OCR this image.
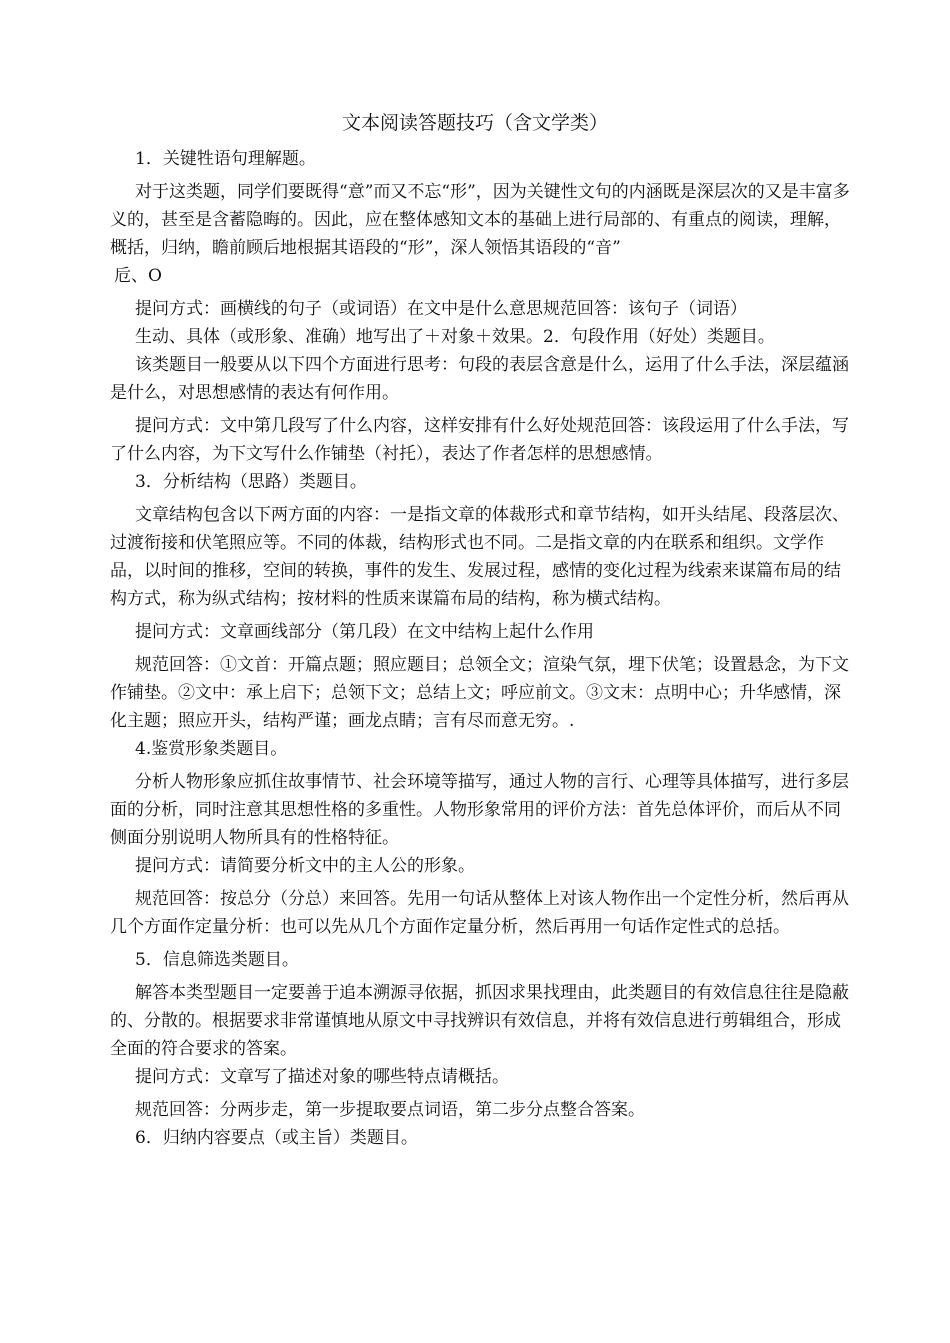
文本阅读答题技巧（含文学类）
1．关键牲语句理解题。
对于这类题，同学们要既得“意”而又不忘“形”，因为关键性文句的内涵既是深层次的又是丰富多义的，甚至是含蓄隐晦的。因此，应在整体感知文本的基础上进行局部的、有重点的阅读，理解，概括，归纳，瞻前顾后地根据其语段的“形”，深人领悟其语段的“音”
卮、O
提问方式：画横线的句子（或词语）在文中是什么意思规范回答：该句子（词语）
生动、具体（或形象、准确）地写出了＋对象＋效果。2．句段作用（好处）类题目。
该类题目一般要从以下四个方面进行思考：句段的表层含意是什么，运用了什么手法，深层蕴涵是什么，对思想感情的表达有何作用。
提问方式：文中第几段写了什么内容，这样安排有什么好处规范回答：该段运用了什么手法，写了什么内容，为下文写什么作铺垫（衬托），表达了作者怎样的思想感情。
3．分析结构（思路）类题目。
文章结构包含以下两方面的内容：一是指文章的体裁形式和章节结构，如开头结尾、段落层次、过渡衔接和伏笔照应等。不同的体裁，结构形式也不同。二是指文章的内在联系和组织。文学作品，以时间的推移，空间的转换，事件的发生、发展过程，感情的变化过程为线索来谋篇布局的结构方式，称为纵式结构；按材料的性质来谋篇布局的结构，称为横式结构。
提问方式：文章画线部分（第几段）在文中结构上起什么作用
规范回答：①文首：开篇点题；照应题目；总领全文；渲染气氛，埋下伏笔；设置悬念，为下文作铺垫。②文中：承上启下；总领下文；总结上文；呼应前文。③文末：点明中心；升华感情，深化主题；照应开头，结构严谨；画龙点睛；言有尽而意无穷。.
4.鉴赏形象类题目。
分析人物形象应抓住故事情节、社会环境等描写，通过人物的言行、心理等具体描写，进行多层面的分析，同时注意其思想性格的多重性。人物形象常用的评价方法：首先总体评价，而后从不同侧面分别说明人物所具有的性格特征。
提问方式：请简要分析文中的主人公的形象。
规范回答：按总分（分总）来回答。先用一句话从整体上对该人物作出一个定性分析，然后再从几个方面作定量分析：也可以先从几个方面作定量分析，然后再用一句话作定性式的总括。
5．信息筛选类题目。
解答本类型题目一定要善于追本溯源寻依据，抓因求果找理由，此类题目的有效信息往往是隐蔽的、分散的。根据要求非常谨慎地从原文中寻找辨识有效信息，并将有效信息进行剪辑组合，形成全面的符合要求的答案。
提问方式：文章写了描述对象的哪些特点请概括。
规范回答：分两步走，第一步提取要点词语，第二步分点整合答案。
6．归纳内容要点（或主旨）类题目。
